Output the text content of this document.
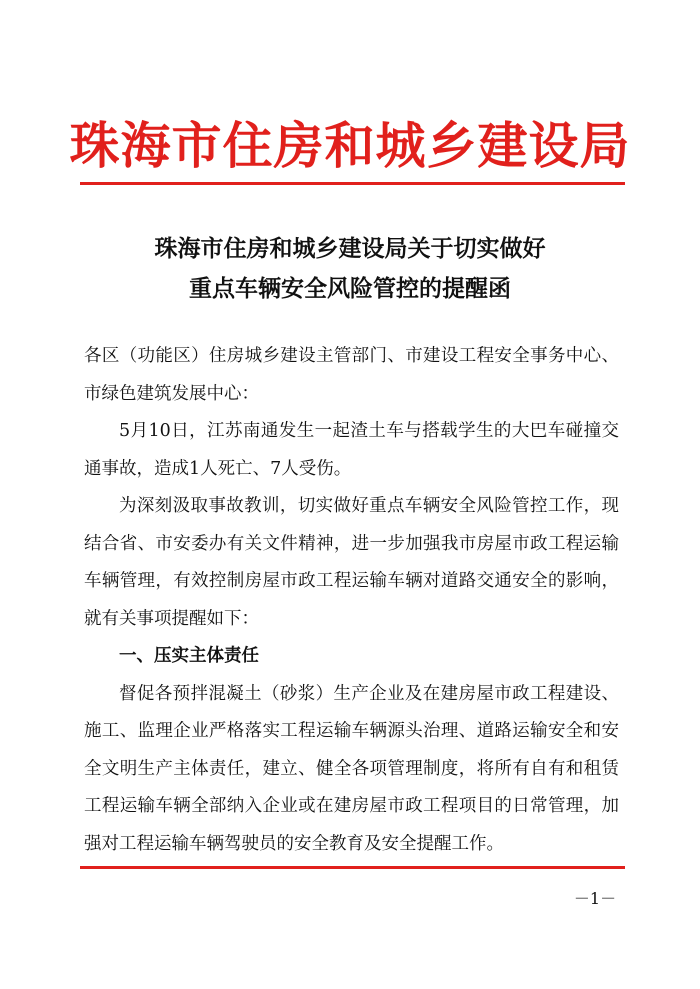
珠海市住房和城乡建设局
珠海市住房和城乡建设局关于切实做好
重点车辆安全风险管控的提醒函

各区（功能区）住房城乡建设主管部门、市建设工程安全事务中心、市绿色建筑发展中心：

5月10日，江苏南通发生一起渣土车与搭载学生的大巴车碰撞交通事故，造成1人死亡、7人受伤。

为深刻汲取事故教训，切实做好重点车辆安全风险管控工作，现结合省、市安委办有关文件精神，进一步加强我市房屋市政工程运输车辆管理，有效控制房屋市政工程运输车辆对道路交通安全的影响，就有关事项提醒如下：

一、压实主体责任

督促各预拌混凝土（砂浆）生产企业及在建房屋市政工程建设、施工、监理企业严格落实工程运输车辆源头治理、道路运输安全和安全文明生产主体责任，建立、健全各项管理制度，将所有自有和租赁工程运输车辆全部纳入企业或在建房屋市政工程项目的日常管理，加强对工程运输车辆驾驶员的安全教育及安全提醒工作。

－1－
